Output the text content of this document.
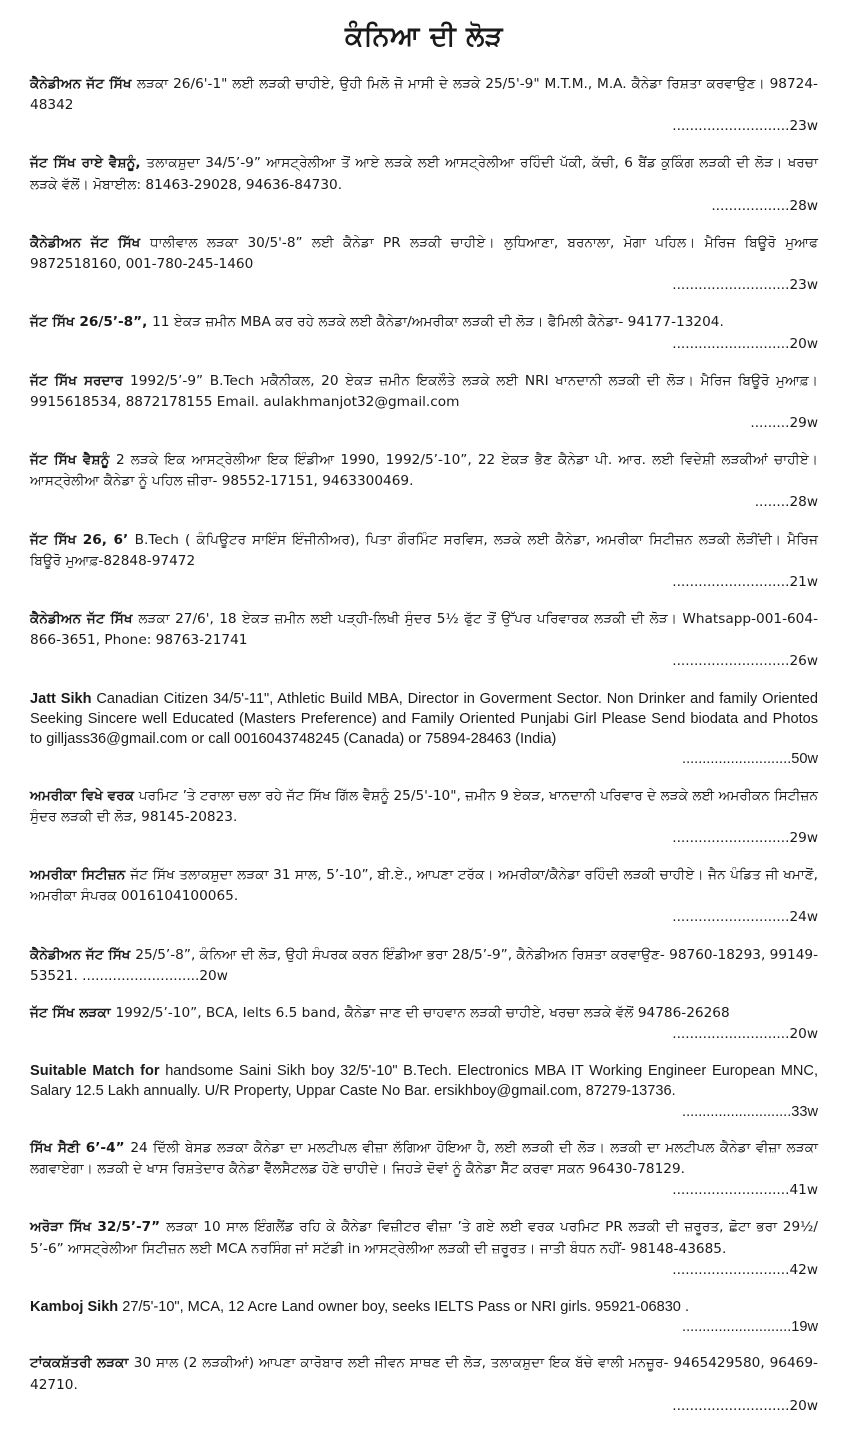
ਕੰਨਿਆ ਦੀ ਲੋੜ
ਕੈਨੇਡੀਅਨ ਜੱਟ ਸਿੱਖ ਲੜਕਾ 26/6'-1" ਲਈ ਲੜਕੀ ਚਾਹੀਏ, ਉਹੀ ਮਿਲੋ ਜੋ ਮਾਸੀ ਦੇ ਲੜਕੇ 25/5'-9" M.T.M., M.A. ਕੈਨੇਡਾ ਰਿਸ਼ਤਾ ਕਰਵਾਉਣ। 98724-48342
...........................23w
ਜੱਟ ਸਿੱਖ ਰਾਏ ਵੈਸ਼ਨੂੰ, ਤਲਾਕਸ਼ੁਦਾ 34/5’-9” ਆਸਟ੍ਰੇਲੀਆ ਤੋਂ ਆਏ ਲੜਕੇ ਲਈ ਆਸਟ੍ਰੇਲੀਆ ਰਹਿੰਦੀ ਪੱਕੀ, ਕੱਚੀ, 6 ਬੈਂਡ ਕੁਕਿੰਗ ਲੜਕੀ ਦੀ ਲੋੜ। ਖਰਚਾ ਲੜਕੇ ਵੱਲੋਂ। ਮੋਬਾਈਲ: 81463-29028, 94636-84730.
..................28w
ਕੈਨੇਡੀਅਨ ਜੱਟ ਸਿੱਖ ਧਾਲੀਵਾਲ ਲੜਕਾ 30/5'-8” ਲਈ ਕੈਨੇਡਾ PR ਲੜਕੀ ਚਾਹੀਏ। ਲੁਧਿਆਣਾ, ਬਰਨਾਲਾ, ਮੋਗਾ ਪਹਿਲ। ਮੈਰਿਜ ਬਿਊਰੋ ਮੁਆਫ 9872518160, 001-780-245-1460
...........................23w
ਜੱਟ ਸਿੱਖ 26/5’-8”, 11 ਏਕੜ ਜ਼ਮੀਨ MBA ਕਰ ਰਹੇ ਲੜਕੇ ਲਈ ਕੈਨੇਡਾ/ਅਮਰੀਕਾ ਲੜਕੀ ਦੀ ਲੋੜ। ਫੈਮਿਲੀ ਕੈਨੇਡਾ- 94177-13204.
...........................20w
ਜੱਟ ਸਿੱਖ ਸਰਦਾਰ 1992/5’-9” B.Tech ਮਕੈਨੀਕਲ, 20 ਏਕੜ ਜ਼ਮੀਨ ਇਕਲੌਤੇ ਲੜਕੇ ਲਈ NRI ਖਾਨਦਾਨੀ ਲੜਕੀ ਦੀ ਲੋੜ। ਮੈਰਿਜ ਬਿਊਰੋ ਮੁਆਫ਼। 9915618534, 8872178155 Email. aulakhmanjot32@gmail.com
.........29w
ਜੱਟ ਸਿੱਖ ਵੈਸ਼ਨੂੰ 2 ਲੜਕੇ ਇਕ ਆਸਟ੍ਰੇਲੀਆ ਇਕ ਇੰਡੀਆ 1990, 1992/5’-10”, 22 ਏਕੜ ਭੈਣ ਕੈਨੇਡਾ ਪੀ. ਆਰ. ਲਈ ਵਿਦੇਸ਼ੀ ਲੜਕੀਆਂ ਚਾਹੀਏ। ਆਸਟ੍ਰੇਲੀਆ ਕੈਨੇਡਾ ਨੂੰ ਪਹਿਲ ਜ਼ੀਰਾ- 98552-17151, 9463300469.
........28w
ਜੱਟ ਸਿੱਖ 26, 6’ B.Tech ( ਕੰਪਿਊਟਰ ਸਾਇੰਸ ਇੰਜੀਨੀਅਰ), ਪਿਤਾ ਗੌਰਮਿੰਟ ਸਰਵਿਸ, ਲੜਕੇ ਲਈ ਕੈਨੇਡਾ, ਅਮਰੀਕਾ ਸਿਟੀਜ਼ਨ ਲੜਕੀ ਲੋੜੀਂਦੀ। ਮੈਰਿਜ ਬਿਊਰੋ ਮੁਆਫ਼-82848-97472
...........................21w
ਕੈਨੇਡੀਅਨ ਜੱਟ ਸਿੱਖ ਲੜਕਾ 27/6', 18 ਏਕੜ ਜ਼ਮੀਨ ਲਈ ਪੜ੍ਹੀ-ਲਿਖੀ ਸੁੰਦਰ 5½ ਫੁੱਟ ਤੋਂ ਉੱਪਰ ਪਰਿਵਾਰਕ ਲੜਕੀ ਦੀ ਲੋੜ। Whatsapp-001-604-866-3651, Phone: 98763-21741
...........................26w
Jatt Sikh Canadian Citizen 34/5'-11", Athletic Build MBA, Director in Goverment Sector. Non Drinker and family Oriented Seeking Sincere well Educated (Masters Preference) and Family Oriented Punjabi Girl Please Send biodata and Photos to gilljass36@gmail.com or call 0016043748245 (Canada) or 75894-28463 (India)
...........................50w
ਅਮਰੀਕਾ ਵਿਖੇ ਵਰਕ ਪਰਮਿਟ ’ਤੇ ਟਰਾਲਾ ਚਲਾ ਰਹੇ ਜੱਟ ਸਿੱਖ ਗਿੱਲ ਵੈਸ਼ਨੂੰ 25/5'-10", ਜ਼ਮੀਨ 9 ਏਕੜ, ਖਾਨਦਾਨੀ ਪਰਿਵਾਰ ਦੇ ਲੜਕੇ ਲਈ ਅਮਰੀਕਨ ਸਿਟੀਜ਼ਨ ਸੁੰਦਰ ਲੜਕੀ ਦੀ ਲੋੜ, 98145-20823.
...........................29w
ਅਮਰੀਕਾ ਸਿਟੀਜ਼ਨ ਜੱਟ ਸਿੱਖ ਤਲਾਕਸ਼ੁਦਾ ਲੜਕਾ 31 ਸਾਲ, 5’-10”, ਬੀ.ਏ., ਆਪਣਾ ਟਰੱਕ। ਅਮਰੀਕਾ/ਕੈਨੇਡਾ ਰਹਿੰਦੀ ਲੜਕੀ ਚਾਹੀਏ। ਜੈਨ ਪੰਡਿਤ ਜੀ ਖਮਾਣੋਂ, ਅਮਰੀਕਾ ਸੰਪਰਕ 0016104100065.
...........................24w
ਕੈਨੇਡੀਅਨ ਜੱਟ ਸਿੱਖ 25/5’-8”, ਕੰਨਿਆ ਦੀ ਲੋੜ, ਉਹੀ ਸੰਪਰਕ ਕਰਨ ਇੰਡੀਆ ਭਰਾ 28/5’-9”, ਕੈਨੇਡੀਅਨ ਰਿਸ਼ਤਾ ਕਰਵਾਉਣ- 98760-18293, 99149-53521. ...........................20w
ਜੱਟ ਸਿੱਖ ਲੜਕਾ 1992/5’-10”, BCA, Ielts 6.5 band, ਕੈਨੇਡਾ ਜਾਣ ਦੀ ਚਾਹਵਾਨ ਲੜਕੀ ਚਾਹੀਏ, ਖਰਚਾ ਲੜਕੇ ਵੱਲੋਂ 94786-26268
...........................20w
Suitable Match for handsome Saini Sikh boy 32/5'-10" B.Tech. Electronics MBA IT Working Engineer European MNC, Salary 12.5 Lakh annually. U/R Property, Uppar Caste No Bar. ersikhboy@gmail.com, 87279-13736.
...........................33w
ਸਿੱਖ ਸੈਣੀ 6’-4” 24 ਦਿੱਲੀ ਬੇਸਡ ਲੜਕਾ ਕੈਨੇਡਾ ਦਾ ਮਲਟੀਪਲ ਵੀਜ਼ਾ ਲੱਗਿਆ ਹੋਇਆ ਹੈ, ਲਈ ਲੜਕੀ ਦੀ ਲੋੜ। ਲੜਕੀ ਦਾ ਮਲਟੀਪਲ ਕੈਨੇਡਾ ਵੀਜ਼ਾ ਲੜਕਾ ਲਗਵਾਏਗਾ। ਲੜਕੀ ਦੇ ਖਾਸ ਰਿਸ਼ਤੇਦਾਰ ਕੈਨੇਡਾ ਵੈੱਲਸੈਟਲਡ ਹੋਣੇ ਚਾਹੀਦੇ। ਜਿਹੜੇ ਦੋਵਾਂ ਨੂੰ ਕੈਨੇਡਾ ਸੈੱਟ ਕਰਵਾ ਸਕਨ 96430-78129.
...........................41w
ਅਰੋੜਾ ਸਿੱਖ 32/5’-7” ਲੜਕਾ 10 ਸਾਲ ਇੰਗਲੈਂਡ ਰਹਿ ਕੇ ਕੈਨੇਡਾ ਵਿਜ਼ੀਟਰ ਵੀਜ਼ਾ ’ਤੇ ਗਏ ਲਈ ਵਰਕ ਪਰਮਿਟ PR ਲੜਕੀ ਦੀ ਜ਼ਰੂਰਤ, ਛੋਟਾ ਭਰਾ 29½/ 5’-6” ਆਸਟ੍ਰੇਲੀਆ ਸਿਟੀਜ਼ਨ ਲਈ MCA ਨਰਸਿੰਗ ਜਾਂ ਸਟੱਡੀ in ਆਸਟ੍ਰੇਲੀਆ ਲੜਕੀ ਦੀ ਜ਼ਰੂਰਤ। ਜਾਤੀ ਬੰਧਨ ਨਹੀਂ- 98148-43685.
...........................42w
Kamboj Sikh 27/5'-10", MCA, 12 Acre Land owner boy, seeks IELTS Pass or NRI girls. 95921-06830 .
...........................19w
ਟਾਂਕਕਸ਼ੱਤਰੀ ਲੜਕਾ 30 ਸਾਲ (2 ਲੜਕੀਆਂ) ਆਪਣਾ ਕਾਰੋਬਾਰ ਲਈ ਜੀਵਨ ਸਾਥਣ ਦੀ ਲੋੜ, ਤਲਾਕਸ਼ੁਦਾ ਇਕ ਬੱਚੇ ਵਾਲੀ ਮਨਜ਼ੂਰ- 9465429580, 96469-42710.
...........................20w
